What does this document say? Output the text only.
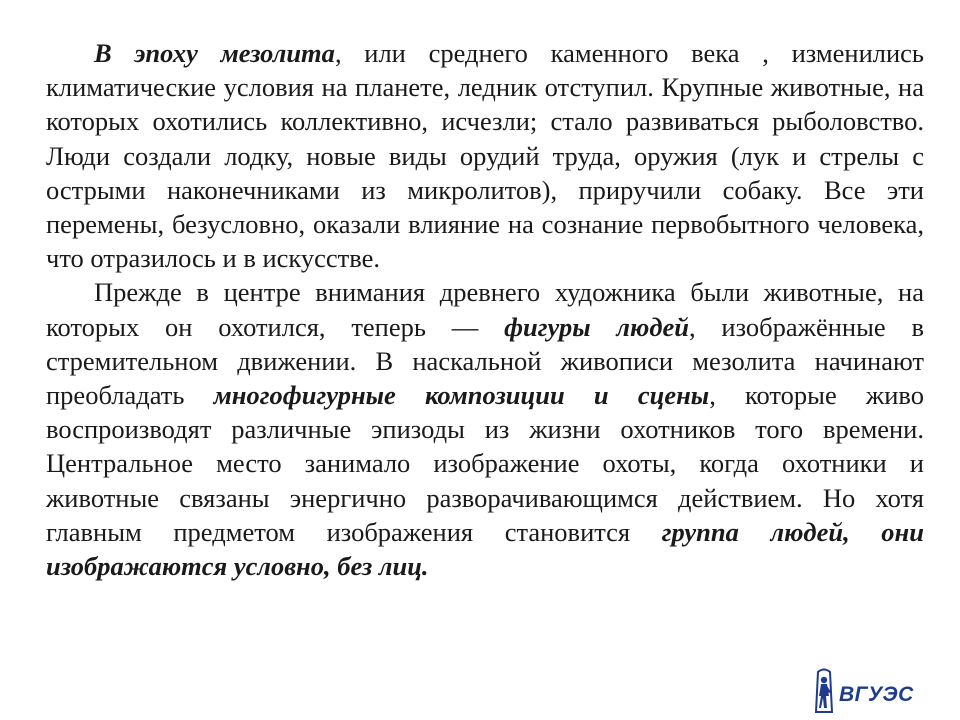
В эпоху мезолита, или среднего каменного века , изменились климатические условия на планете, ледник отступил. Крупные животные, на которых охотились коллективно, исчезли; стало развиваться рыболовство. Люди создали лодку, новые виды орудий труда, оружия (лук и стрелы с острыми наконечниками из микролитов), приручили собаку. Все эти перемены, безусловно, оказали влияние на сознание первобытного человека, что отразилось и в искусстве.

Прежде в центре внимания древнего художника были животные, на которых он охотился, теперь — фигуры людей, изображённые в стремительном движении. В наскальной живописи мезолита начинают преобладать многофигурные композиции и сцены, которые живо воспроизводят различные эпизоды из жизни охотников того времени. Центральное место занимало изображение охоты, когда охотники и животные связаны энергично разворачивающимся действием. Но хотя главным предметом изображения становится группа людей, они изображаются условно, без лиц.

ВГУЭС
